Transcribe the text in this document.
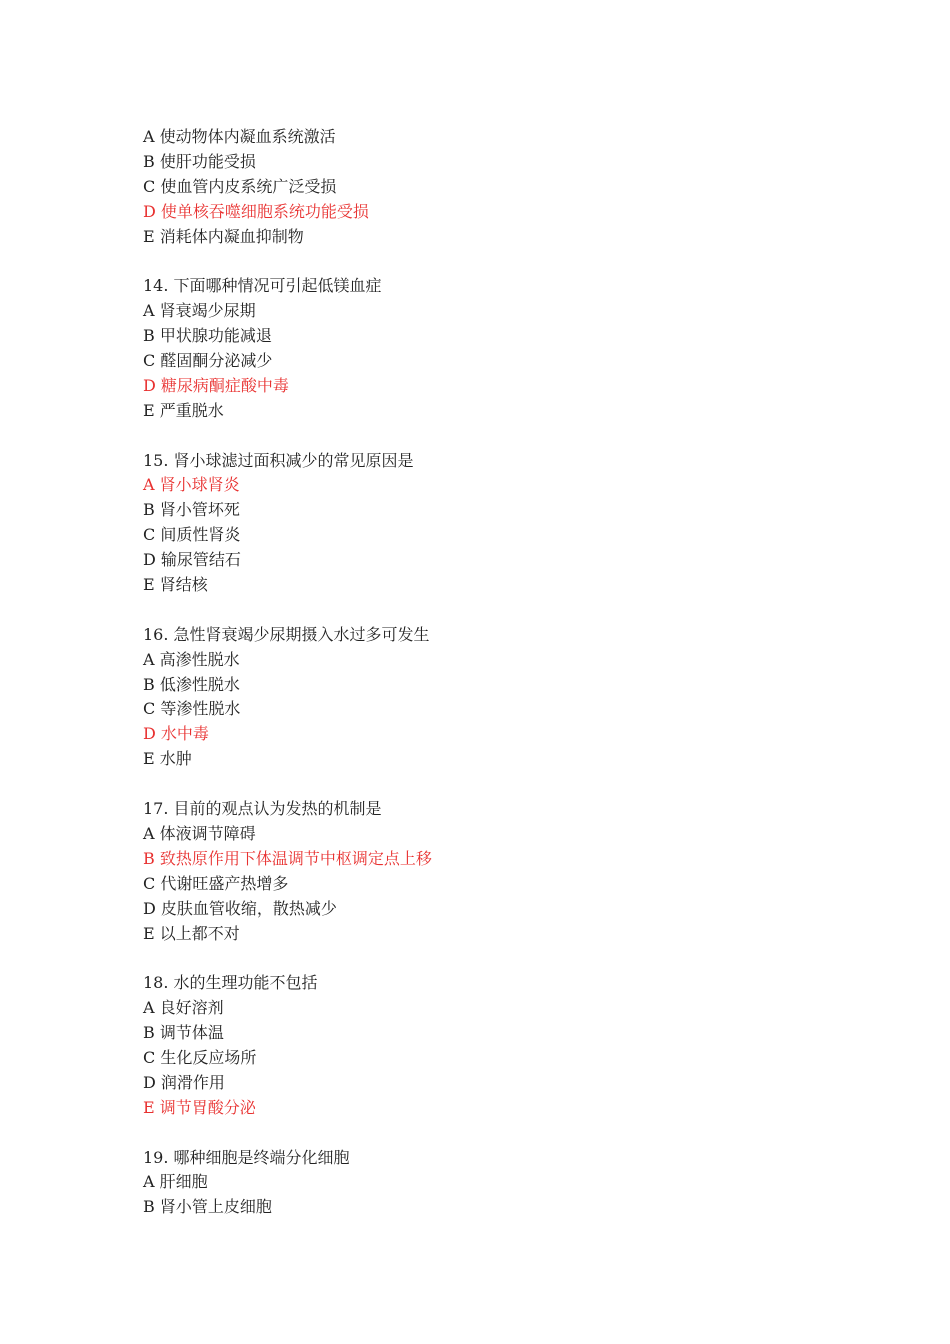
A 使动物体内凝血系统激活

B 使肝功能受损

C 使血管内皮系统广泛受损

D 使单核吞噬细胞系统功能受损

E 消耗体内凝血抑制物

14. 下面哪种情况可引起低镁血症

A 肾衰竭少尿期

B 甲状腺功能减退

C 醛固酮分泌减少

D 糖尿病酮症酸中毒

E 严重脱水

15. 肾小球滤过面积减少的常见原因是

A 肾小球肾炎

B 肾小管坏死

C 间质性肾炎

D 输尿管结石

E 肾结核

16. 急性肾衰竭少尿期摄入水过多可发生

A 高渗性脱水

B 低渗性脱水

C 等渗性脱水

D 水中毒

E 水肿

17. 目前的观点认为发热的机制是

A 体液调节障碍

B 致热原作用下体温调节中枢调定点上移

C 代谢旺盛产热增多

D 皮肤血管收缩，散热减少

E 以上都不对

18. 水的生理功能不包括

A 良好溶剂

B 调节体温

C 生化反应场所

D 润滑作用

E 调节胃酸分泌

19. 哪种细胞是终端分化细胞

A 肝细胞

B 肾小管上皮细胞
